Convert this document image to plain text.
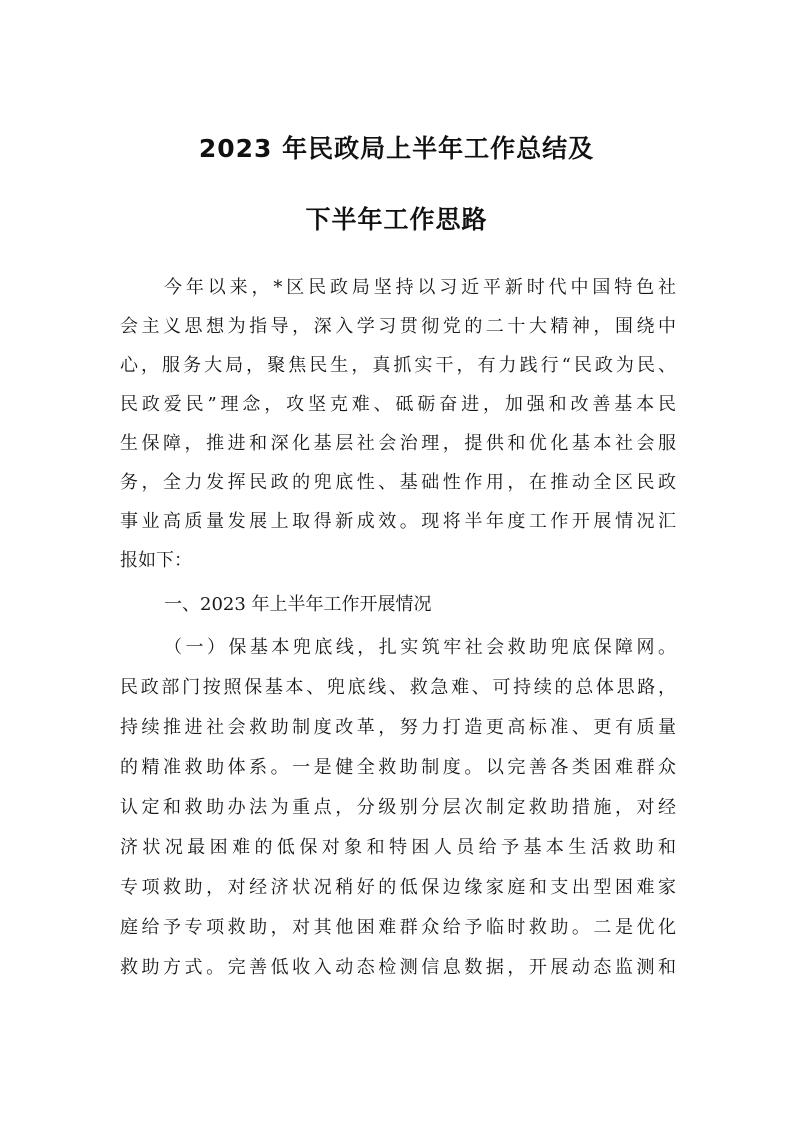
2023 年民政局上半年工作总结及
下半年工作思路
今年以来，*区民政局坚持以习近平新时代中国特色社
会主义思想为指导，深入学习贯彻党的二十大精神，围绕中
心，服务大局，聚焦民生，真抓实干，有力践行“民政为民、
民政爱民”理念，攻坚克难、砥砺奋进，加强和改善基本民
生保障，推进和深化基层社会治理，提供和优化基本社会服
务，全力发挥民政的兜底性、基础性作用，在推动全区民政
事业高质量发展上取得新成效。现将半年度工作开展情况汇
报如下：
一、2023 年上半年工作开展情况
（一）保基本兜底线，扎实筑牢社会救助兜底保障网。
民政部门按照保基本、兜底线、救急难、可持续的总体思路，
持续推进社会救助制度改革，努力打造更高标准、更有质量
的精准救助体系。一是健全救助制度。以完善各类困难群众
认定和救助办法为重点，分级别分层次制定救助措施，对经
济状况最困难的低保对象和特困人员给予基本生活救助和
专项救助，对经济状况稍好的低保边缘家庭和支出型困难家
庭给予专项救助，对其他困难群众给予临时救助。二是优化
救助方式。完善低收入动态检测信息数据，开展动态监测和
